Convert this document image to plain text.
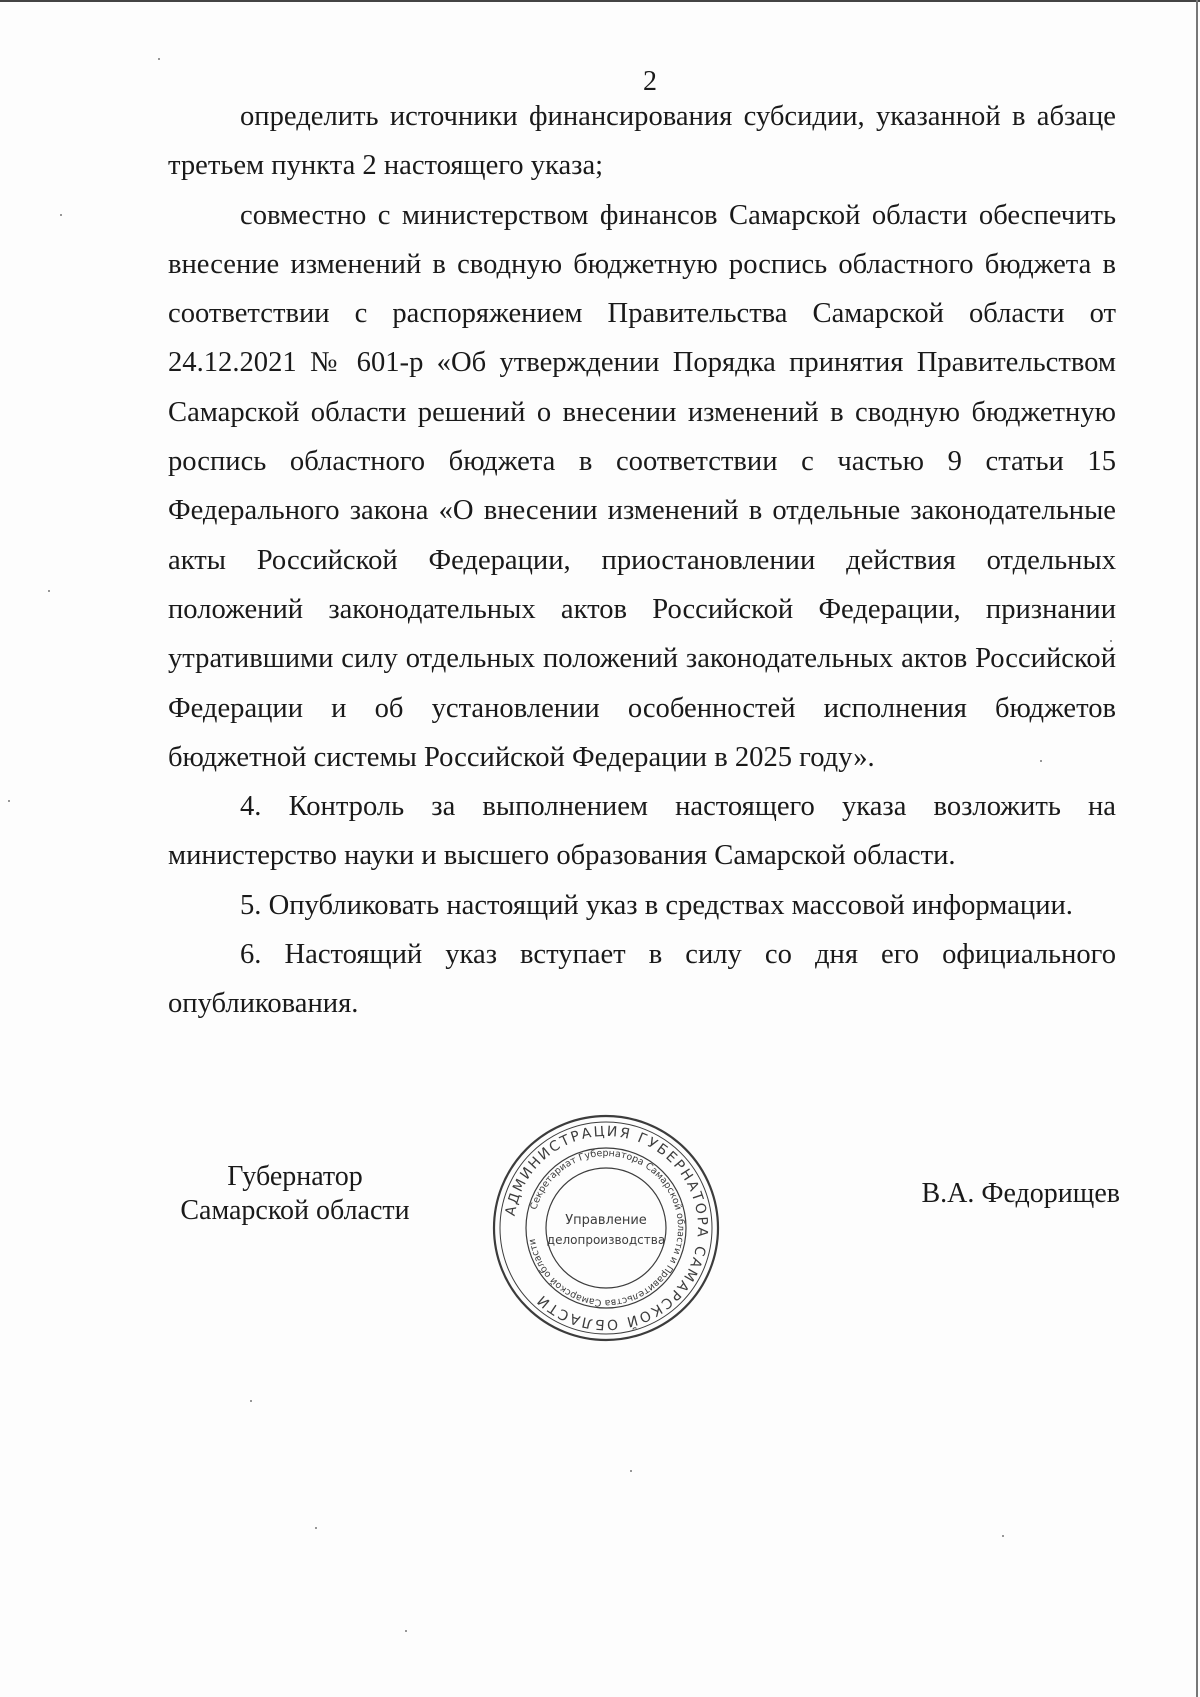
2

определить источники финансирования субсидии, указанной в абзаце третьем пункта 2 настоящего указа;

совместно с министерством финансов Самарской области обеспечить внесение изменений в сводную бюджетную роспись областного бюджета в соответствии с распоряжением Правительства Самарской области от 24.12.2021 № 601-р «Об утверждении Порядка принятия Правительством Самарской области решений о внесении изменений в сводную бюджетную роспись областного бюджета в соответствии с частью 9 статьи 15 Федерального закона «О внесении изменений в отдельные законодательные акты Российской Федерации, приостановлении действия отдельных положений законодательных актов Российской Федерации, признании утратившими силу отдельных положений законодательных актов Российской Федерации и об установлении особенностей исполнения бюджетов бюджетной системы Российской Федерации в 2025 году».

4. Контроль за выполнением настоящего указа возложить на министерство науки и высшего образования Самарской области.

5. Опубликовать настоящий указ в средствах массовой информации.

6. Настоящий указ вступает в силу со дня его официального опубликования.

Губернатор
Самарской области
В.А. Федорищев
АДМИНИСТРАЦИЯ ГУБЕРНАТОРА САМАРСКОЙ ОБЛАСТИ
Секретариат Губернатора Самарской области и Правительства Самарской области
Управление
делопроизводства
